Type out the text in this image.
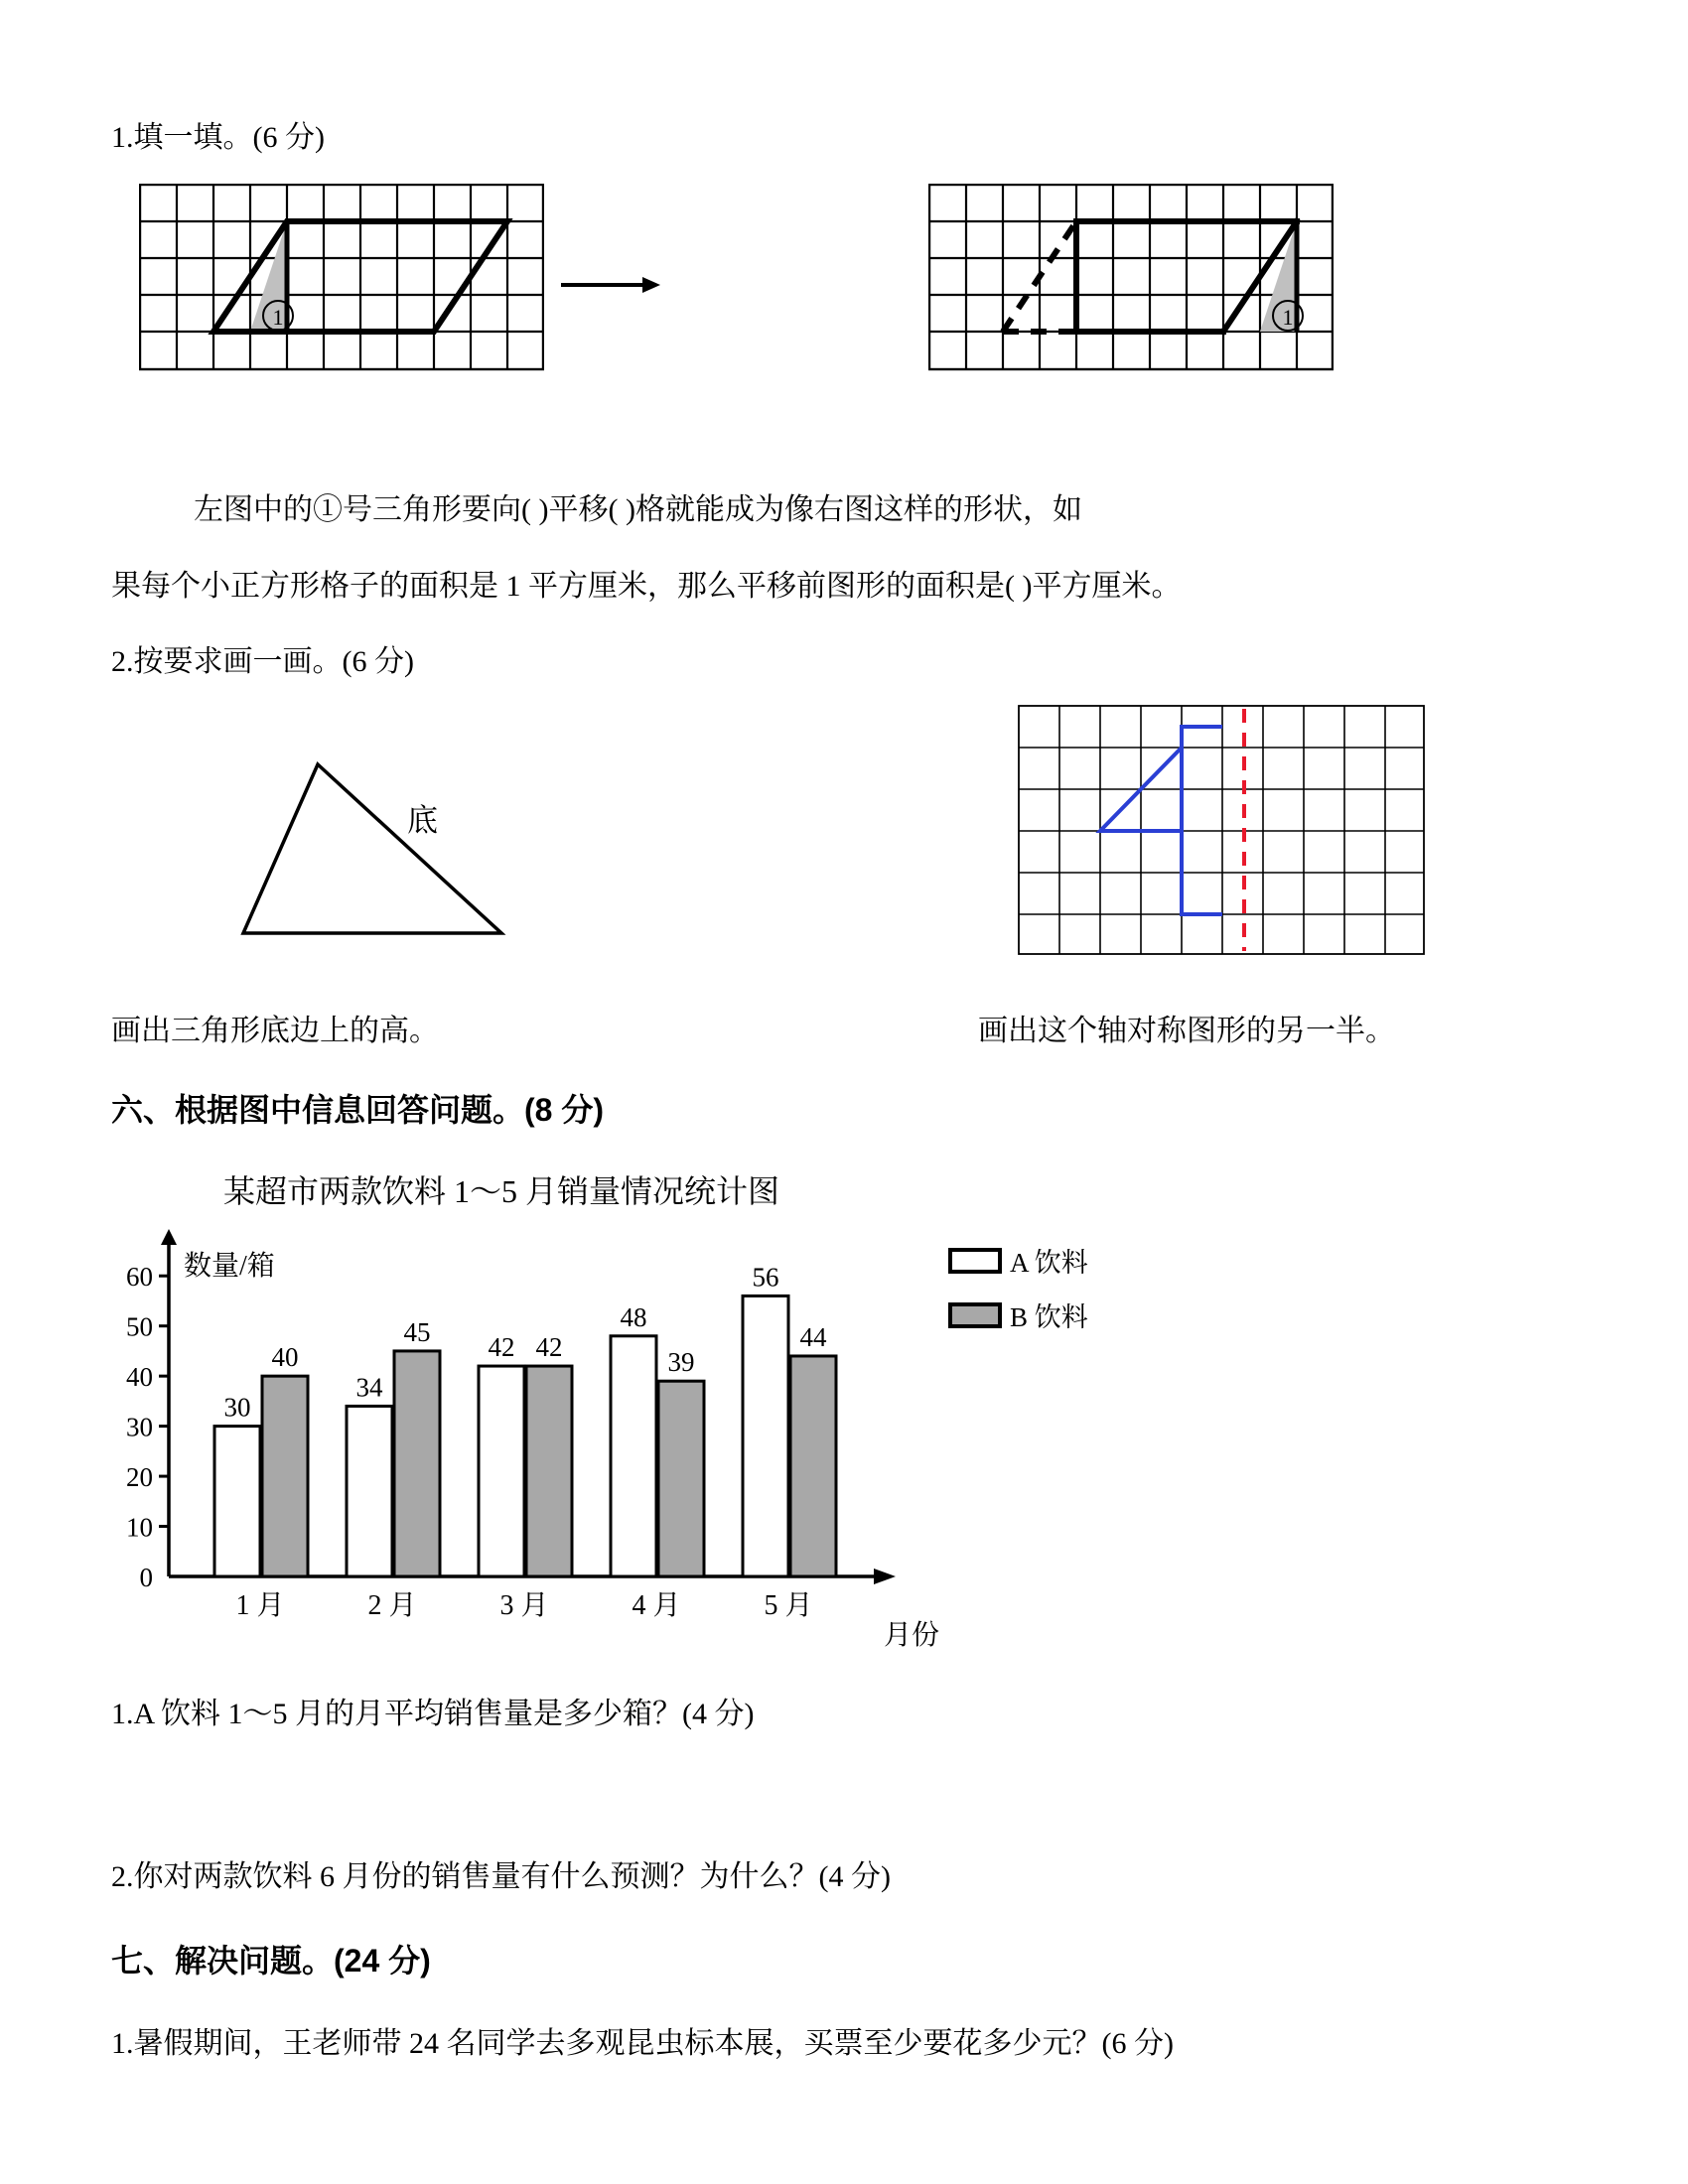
1.填一填。(6 分)
1	1
左图中的①号三角形要向( )平移( )格就能成为像右图这样的形状，如
果每个小正方形格子的面积是 1 平方厘米，那么平移前图形的面积是( )平方厘米。
2.按要求画一画。(6 分)
底
画出三角形底边上的高。	画出这个轴对称图形的另一半。
六、根据图中信息回答问题。(8 分)
某超市两款饮料 1～5 月销量情况统计图
0
10
20
30
40
50
60
30
40
1 月
34
45
2 月
42 42
3 月
48
39
4 月
56
44
5 月
数量/箱
月份
A 饮料
B 饮料
1.A 饮料 1～5 月的月平均销售量是多少箱？(4 分)
2.你对两款饮料 6 月份的销售量有什么预测？为什么？(4 分)
七、解决问题。(24 分)
1.暑假期间，王老师带 24 名同学去多观昆虫标本展，买票至少要花多少元？(6 分)
